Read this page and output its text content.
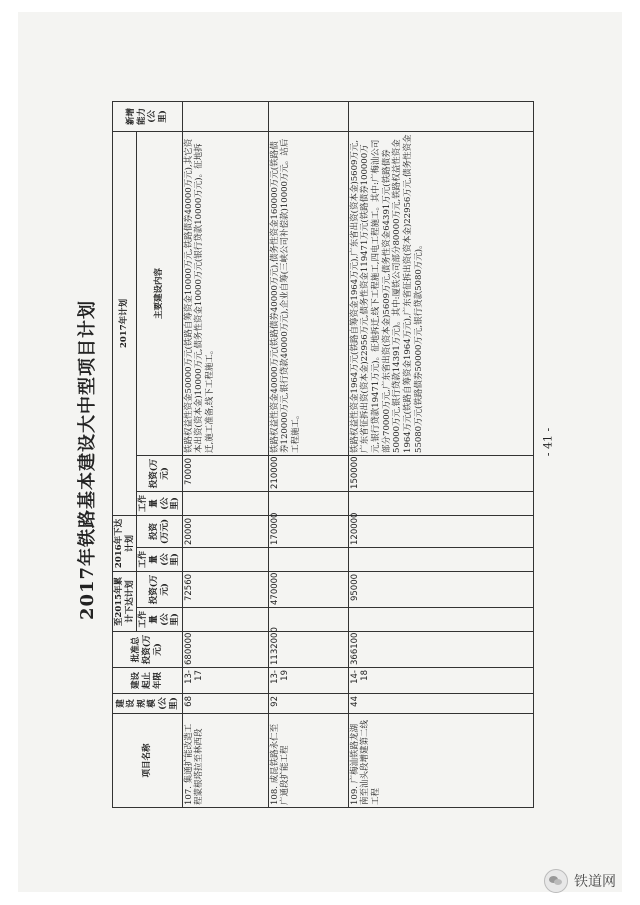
2017年铁路基本建设大中型项目计划	- 41 -
项目名称	建设规模(公里)	建设起止年限	批准总投资(万元)	至2015年累计下达计划		2016年下达计划		2017年计划			新增能力(公里)
				工作量(公里)	投资(万元)	工作量(公里)	投资(万元)	工作量(公里)	投资(万元)	主要建设内容	
107. 集通扩能改造工程蒙根塔拉至林西段	68	13-17	680000		72560		20000		70000	铁路权益性资金50000万元(铁路自筹资金10000万元,铁路债券40000万元),其它资本出资(资本金)10000万元,债务性资金10000万元(银行贷款10000万元)。征地拆迁,施工准备,线下工程施工。	
108. 成昆铁路永仁至广通段扩能工程	92	13-19	1132000		470000		170000		210000	铁路权益性资金40000万元(铁路债券40000万元),债务性资金160000万元(铁路债券120000万元,银行贷款40000万元),企业自筹(三峡公司补偿款)10000万元。站后工程施工。	
109. 广梅汕铁路龙湖南至汕头段增建第二线工程	44	14-18	366100		95000		120000		150000	铁路权益性资金1964万元(铁路自筹资金1964万元),广东省出资(资本金)5609万元,广东省征拆出资(资本金)22956万元,债务性资金119471万元(铁路债券100000万元,银行贷款19471万元)。征地拆迁,线下工程施工,四电工程施工。其中:广梅汕公司部分70000万元,广东省出资(资本金)5609万元,债务性资金64391万元(铁路债券50000万元,银行贷款14391万元)。其中:厦铁公司部分80000万元,铁路权益性资金1964万元(铁路自筹资金1964万元),广东省征拆出资(资本金)22956万元,债务性资金55080万元(铁路债券50000万元,银行贷款5080万元)。	
铁道网
